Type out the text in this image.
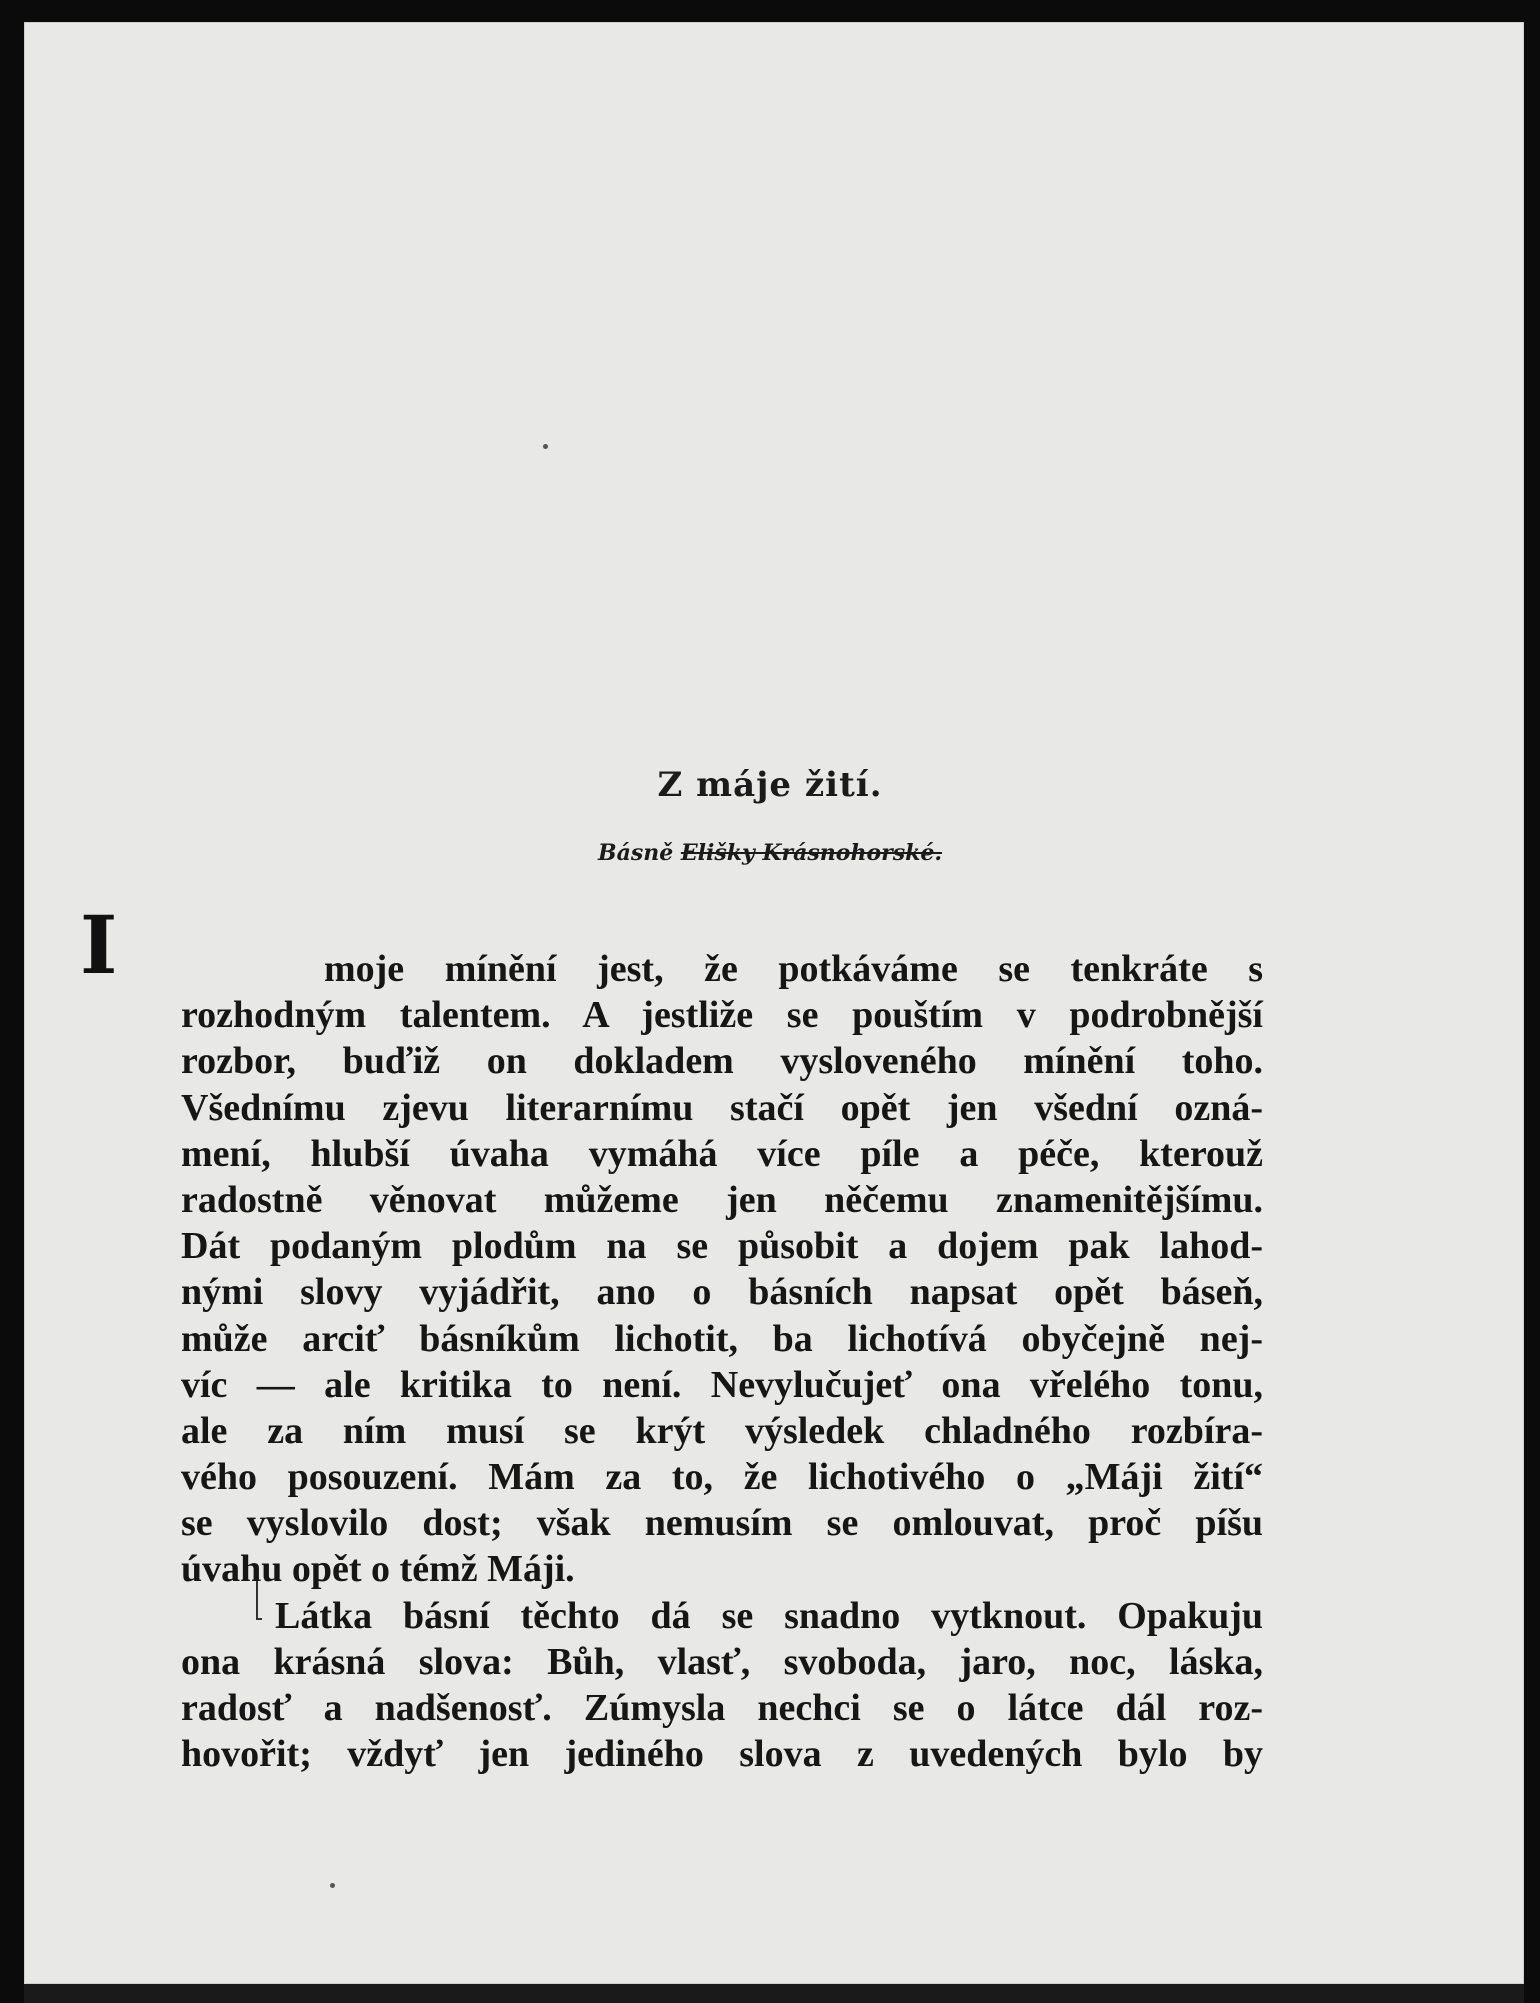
Z máje žití.
Básně Elišky Krásnohorské.
I	moje mínění jest, že potkáváme se tenkráte s
rozhodným talentem. A jestliže se pouštím v podrobnější
rozbor, buďiž on dokladem vysloveného mínění toho.
Všednímu zjevu literarnímu stačí opět jen všední ozná-
mení, hlubší úvaha vymáhá více píle a péče, kterouž
radostně věnovat můžeme jen něčemu znamenitějšímu.
Dát podaným plodům na se působit a dojem pak lahod-
nými slovy vyjádřit, ano o básních napsat opět báseň,
může arciť básníkům lichotit, ba lichotívá obyčejně nej-
víc — ale kritika to není. Nevylučujeť ona vřelého tonu,
ale za ním musí se krýt výsledek chladného rozbíra-
vého posouzení. Mám za to, že lichotivého o „Máji žití“
se vyslovilo dost; však nemusím se omlouvat, proč píšu
úvahu opět o témž Máji.
Látka básní těchto dá se snadno vytknout. Opakuju
ona krásná slova: Bůh, vlasť, svoboda, jaro, noc, láska,
radosť a nadšenosť. Zúmysla nechci se o látce dál roz-
hovořit; vždyť jen jediného slova z uvedených bylo by
